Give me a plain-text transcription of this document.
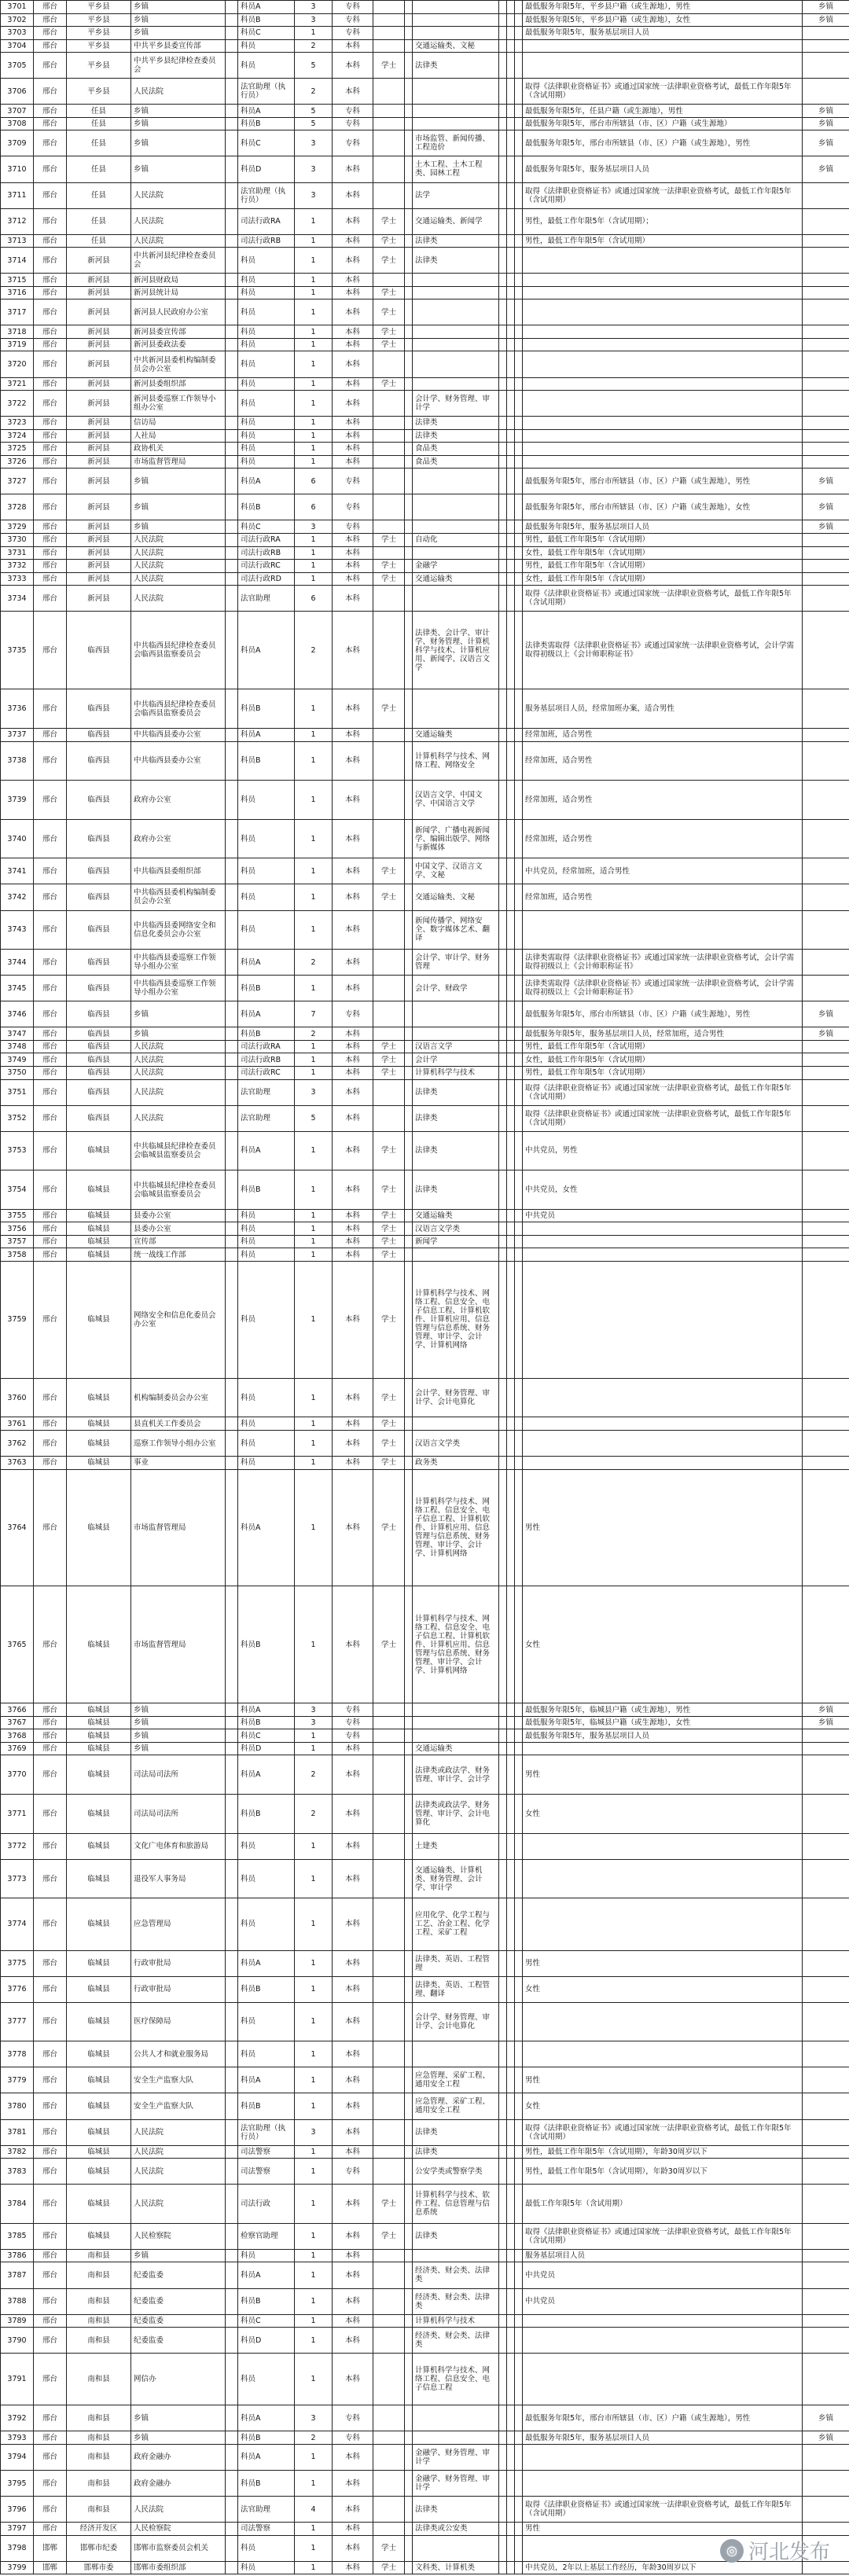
3701	邢台	平乡县	乡镇		科员A	3	专科							最低服务年限5年，平乡县户籍（或生源地），男性	乡镇
3702	邢台	平乡县	乡镇		科员B	3	专科							最低服务年限5年，平乡县户籍（或生源地），女性	乡镇
3703	邢台	平乡县	乡镇		科员C	1	专科							最低服务年限5年，服务基层项目人员	
3704	邢台	平乡县	中共平乡县委宣传部		科员	2	本科			交通运输类、文秘					
3705	邢台	平乡县	中共平乡县纪律检查委员会		科员	5	本科	学士		法律类					
3706	邢台	平乡县	人民法院		法官助理（执行员）	2	本科							取得《法律职业资格证书》或通过国家统一法律职业资格考试，最低工作年限5年（含试用期）	
3707	邢台	任县	乡镇		科员A	5	专科							最低服务年限5年，任县户籍（或生源地），男性	乡镇
3708	邢台	任县	乡镇		科员B	5	专科							最低服务年限5年，邢台市所辖县（市、区）户籍（或生源地）	乡镇
3709	邢台	任县	乡镇		科员C	3	专科			市场监管、新闻传播、工程造价				最低服务年限5年，邢台市所辖县（市、区）户籍（或生源地），男性	乡镇
3710	邢台	任县	乡镇		科员D	3	本科			土木工程、土木工程类、园林工程				最低服务年限5年，服务基层项目人员	乡镇
3711	邢台	任县	人民法院		法官助理（执行员）	3	本科			法学				取得《法律职业资格证书》或通过国家统一法律职业资格考试，最低工作年限5年（含试用期）	
3712	邢台	任县	人民法院		司法行政RA	1	本科	学士		交通运输类、新闻学				男性，最低工作年限5年（含试用期）；	
3713	邢台	任县	人民法院		司法行政RB	1	本科	学士		法律类				男性，最低工作年限5年（含试用期）	
3714	邢台	新河县	中共新河县纪律检查委员会		科员	1	本科	学士		法律类					
3715	邢台	新河县	新河县财政局		科员	1	本科								
3716	邢台	新河县	新河县统计局		科员	1	本科	学士							
3717	邢台	新河县	新河县人民政府办公室		科员	1	本科	学士							
3718	邢台	新河县	新河县委宣传部		科员	1	本科	学士							
3719	邢台	新河县	新河县委政法委		科员	1	本科	学士							
3720	邢台	新河县	中共新河县委机构编制委员会办公室		科员	1	本科								
3721	邢台	新河县	新河县委组织部		科员	1	本科	学士							
3722	邢台	新河县	新河县委巡察工作领导小组办公室		科员	1	本科			会计学、财务管理、审计学					
3723	邢台	新河县	信访局		科员	1	本科			法律类					
3724	邢台	新河县	人社局		科员	1	本科			法律类					
3725	邢台	新河县	政协机关		科员	1	本科			食品类					
3726	邢台	新河县	市场监督管理局		科员	1	本科			食品类					
3727	邢台	新河县	乡镇		科员A	6	专科							最低服务年限5年，邢台市所辖县（市、区）户籍（或生源地），男性	乡镇
3728	邢台	新河县	乡镇		科员B	6	专科							最低服务年限5年，邢台市所辖县（市、区）户籍（或生源地），女性	乡镇
3729	邢台	新河县	乡镇		科员C	3	专科							最低服务年限5年，服务基层项目人员	乡镇
3730	邢台	新河县	人民法院		司法行政RA	1	本科	学士		自动化				男性，最低工作年限5年（含试用期）	
3731	邢台	新河县	人民法院		司法行政RB	1	本科							女性，最低工作年限5年（含试用期）	
3732	邢台	新河县	人民法院		司法行政RC	1	本科	学士		金融学				男性，最低工作年限5年（含试用期）	
3733	邢台	新河县	人民法院		司法行政RD	1	本科	学士		交通运输类				女性，最低工作年限5年（含试用期）	
3734	邢台	新河县	人民法院		法官助理	6	本科							取得《法律职业资格证书》或通过国家统一法律职业资格考试，最低工作年限5年（含试用期）	
3735	邢台	临西县	中共临西县纪律检查委员会临西县监察委员会		科员A	2	本科			法律类、会计学、审计学、财务管理、计算机科学与技术、计算机应用、新闻学、汉语言文学				法律类需取得《法律职业资格证书》或通过国家统一法律职业资格考试，会计学需取得初级以上《会计师职称证书》	
3736	邢台	临西县	中共临西县纪律检查委员会临西县监察委员会		科员B	1	本科	学士						服务基层项目人员，经常加班办案，适合男性	
3737	邢台	临西县	中共临西县委办公室		科员A	1	本科			交通运输类				经常加班，适合男性	
3738	邢台	临西县	中共临西县委办公室		科员B	1	本科			计算机科学与技术、网络工程、网络安全				经常加班，适合男性	
3739	邢台	临西县	政府办公室		科员	1	本科			汉语言文学、中国文学、中国语言文学				经常加班，适合男性	
3740	邢台	临西县	政府办公室		科员	1	本科			新闻学、广播电视新闻学、编辑出版学、网络与新媒体				经常加班，适合男性	
3741	邢台	临西县	中共临西县委组织部		科员	1	本科	学士		中国文学、汉语言文学、文秘				中共党员，经常加班，适合男性	
3742	邢台	临西县	中共临西县委机构编制委员会办公室		科员	1	本科	学士		交通运输类、文秘				经常加班，适合男性	
3743	邢台	临西县	中共临西县委网络安全和信息化委员会办公室		科员	1	本科			新闻传播学、网络安全、数字媒体艺术、翻译					
3744	邢台	临西县	中共临西县委巡察工作领导小组办公室		科员A	2	本科			会计学、审计学、财务管理				法律类需取得《法律职业资格证书》或通过国家统一法律职业资格考试，会计学需取得初级以上《会计师职称证书》	
3745	邢台	临西县	中共临西县委巡察工作领导小组办公室		科员B	1	本科			会计学、财政学				法律类需取得《法律职业资格证书》或通过国家统一法律职业资格考试，会计学需取得初级以上《会计师职称证书》	
3746	邢台	临西县	乡镇		科员A	7	专科							最低服务年限5年，邢台市所辖县（市、区）户籍（或生源地），男性	乡镇
3747	邢台	临西县	乡镇		科员B	2	本科							最低服务年限5年，服务基层项目人员，经常加班，适合男性	乡镇
3748	邢台	临西县	人民法院		司法行政RA	1	本科	学士		汉语言文学				男性，最低工作年限5年（含试用期）	
3749	邢台	临西县	人民法院		司法行政RB	1	本科	学士		会计学				女性，最低工作年限5年（含试用期）	
3750	邢台	临西县	人民法院		司法行政RC	1	本科	学士		计算机科学与技术				男性，最低工作年限5年（含试用期）	
3751	邢台	临西县	人民法院		法官助理	3	本科			法律类				取得《法律职业资格证书》或通过国家统一法律职业资格考试，最低工作年限5年（含试用期）	
3752	邢台	临西县	人民法院		法官助理	5	本科			法律类				取得《法律职业资格证书》或通过国家统一法律职业资格考试，最低工作年限5年（含试用期）	
3753	邢台	临城县	中共临城县纪律检查委员会临城县监察委员会		科员A	1	本科	学士		法律类				中共党员，男性	
3754	邢台	临城县	中共临城县纪律检查委员会临城县监察委员会		科员B	1	本科	学士		法律类				中共党员，女性	
3755	邢台	临城县	县委办公室		科员	1	本科	学士		交通运输类				中共党员	
3756	邢台	临城县	县委办公室		科员	1	本科	学士		汉语言文学类					
3757	邢台	临城县	宣传部		科员	1	本科	学士		新闻学					
3758	邢台	临城县	统一战线工作部		科员	1	本科	学士							
3759	邢台	临城县	网络安全和信息化委员会办公室		科员	1	本科	学士		计算机科学与技术、网络工程、信息安全、电子信息工程、计算机软件、计算机应用、信息管理与信息系统、财务管理、审计学、会计学、计算机网络					
3760	邢台	临城县	机构编制委员会办公室		科员	1	本科	学士		会计学、财务管理、审计学、会计电算化					
3761	邢台	临城县	县直机关工作委员会		科员	1	本科	学士							
3762	邢台	临城县	巡察工作领导小组办公室		科员	1	本科	学士		汉语言文学类					
3763	邢台	临城县	事业		科员	1	本科	学士		政务类					
3764	邢台	临城县	市场监督管理局		科员A	1	本科	学士		计算机科学与技术、网络工程、信息安全、电子信息工程、计算机软件、计算机应用、信息管理与信息系统、财务管理、审计学、会计学、计算机网络				男性	
3765	邢台	临城县	市场监督管理局		科员B	1	本科	学士		计算机科学与技术、网络工程、信息安全、电子信息工程、计算机软件、计算机应用、信息管理与信息系统、财务管理、审计学、会计学、计算机网络				女性	
3766	邢台	临城县	乡镇		科员A	3	专科							最低服务年限5年，临城县户籍（或生源地），男性	乡镇
3767	邢台	临城县	乡镇		科员B	3	专科							最低服务年限5年，临城县户籍（或生源地），女性	乡镇
3768	邢台	临城县	乡镇		科员C	1	专科							最低服务年限5年，服务基层项目人员	
3769	邢台	临城县	乡镇		科员D	1	本科			交通运输类					
3770	邢台	临城县	司法局司法所		科员A	2	本科			法律类或政法学、财务管理、审计学、会计学				男性	
3771	邢台	临城县	司法局司法所		科员B	2	本科			法律类或政法学、财务管理、审计学、会计电算化				女性	
3772	邢台	临城县	文化广电体育和旅游局		科员	1	本科			土建类					
3773	邢台	临城县	退役军人事务局		科员	1	本科			交通运输类、计算机类、财务管理、会计学、审计学					
3774	邢台	临城县	应急管理局		科员	1	本科			应用化学、化学工程与工艺、冶金工程、化学工程、采矿工程					
3775	邢台	临城县	行政审批局		科员A	1	本科			法律类、英语、工程管理				男性	
3776	邢台	临城县	行政审批局		科员B	1	本科			法律类、英语、工程管理、翻译				女性	
3777	邢台	临城县	医疗保障局		科员	1	本科			会计学、财务管理、审计学、会计电算化					
3778	邢台	临城县	公共人才和就业服务局		科员	1	本科								
3779	邢台	临城县	安全生产监察大队		科员A	1	本科			应急管理、采矿工程、通用安全工程				男性	
3780	邢台	临城县	安全生产监察大队		科员B	1	本科			应急管理、采矿工程、通用安全工程				女性	
3781	邢台	临城县	人民法院		法官助理（执行员）	3	本科			法律类				取得《法律职业资格证书》或通过国家统一法律职业资格考试，最低工作年限5年（含试用期）	
3782	邢台	临城县	人民法院		司法警察	1	本科			法律类				男性，最低工作年限5年（含试用期），年龄30周岁以下	
3783	邢台	临城县	人民法院		司法警察	1	专科			公安学类或警察学类				男性，最低工作年限5年（含试用期），年龄30周岁以下	
3784	邢台	临城县	人民法院		司法行政	1	本科	学士		计算机科学与技术、软件工程、信息管理与信息系统				最低工作年限5年（含试用期）	
3785	邢台	临城县	人民检察院		检察官助理	1	本科	学士		法律类				取得《法律职业资格证书》或通过国家统一法律职业资格考试，最低工作年限5年（含试用期）	
3786	邢台	南和县	乡镇		科员	1	本科							服务基层项目人员	
3787	邢台	南和县	纪委监委		科员A	1	本科			经济类、财会类、法律类				中共党员	
3788	邢台	南和县	纪委监委		科员B	1	本科			经济类、财会类、法律类				中共党员	
3789	邢台	南和县	纪委监委		科员C	1	本科			计算机科学与技术					
3790	邢台	南和县	纪委监委		科员D	1	本科			经济类、财会类、法律类					
3791	邢台	南和县	网信办		科员	1	本科			计算机科学与技术、网络工程、信息安全、电子信息工程					
3792	邢台	南和县	乡镇		科员A	3	专科							最低服务年限5年，邢台市所辖县（市、区）户籍（或生源地），男性	乡镇
3793	邢台	南和县	乡镇		科员B	2	专科							最低服务年限5年，服务基层项目人员	乡镇
3794	邢台	南和县	政府金融办		科员A	1	本科			金融学、财务管理、审计学					
3795	邢台	南和县	政府金融办		科员B	1	本科			金融学、财务管理、审计学					
3796	邢台	南和县	人民法院		法官助理	4	本科			法律类				取得《法律职业资格证书》或通过国家统一法律职业资格考试，最低工作年限5年（含试用期）	
3797	邢台	经济开发区	人民检察院		司法警察	1	本科			法律类或公安类				男性	
3798	邯郸	邯郸市纪委	邯郸市监察委员会机关		科员	1	本科	学士							
3799	邯郸	邯郸市委	邯郸市委组织部		科员	1	本科	学士		文科类、计算机类				中共党员，2年以上基层工作经历，年龄30周岁以下	
◎ 河北发布
